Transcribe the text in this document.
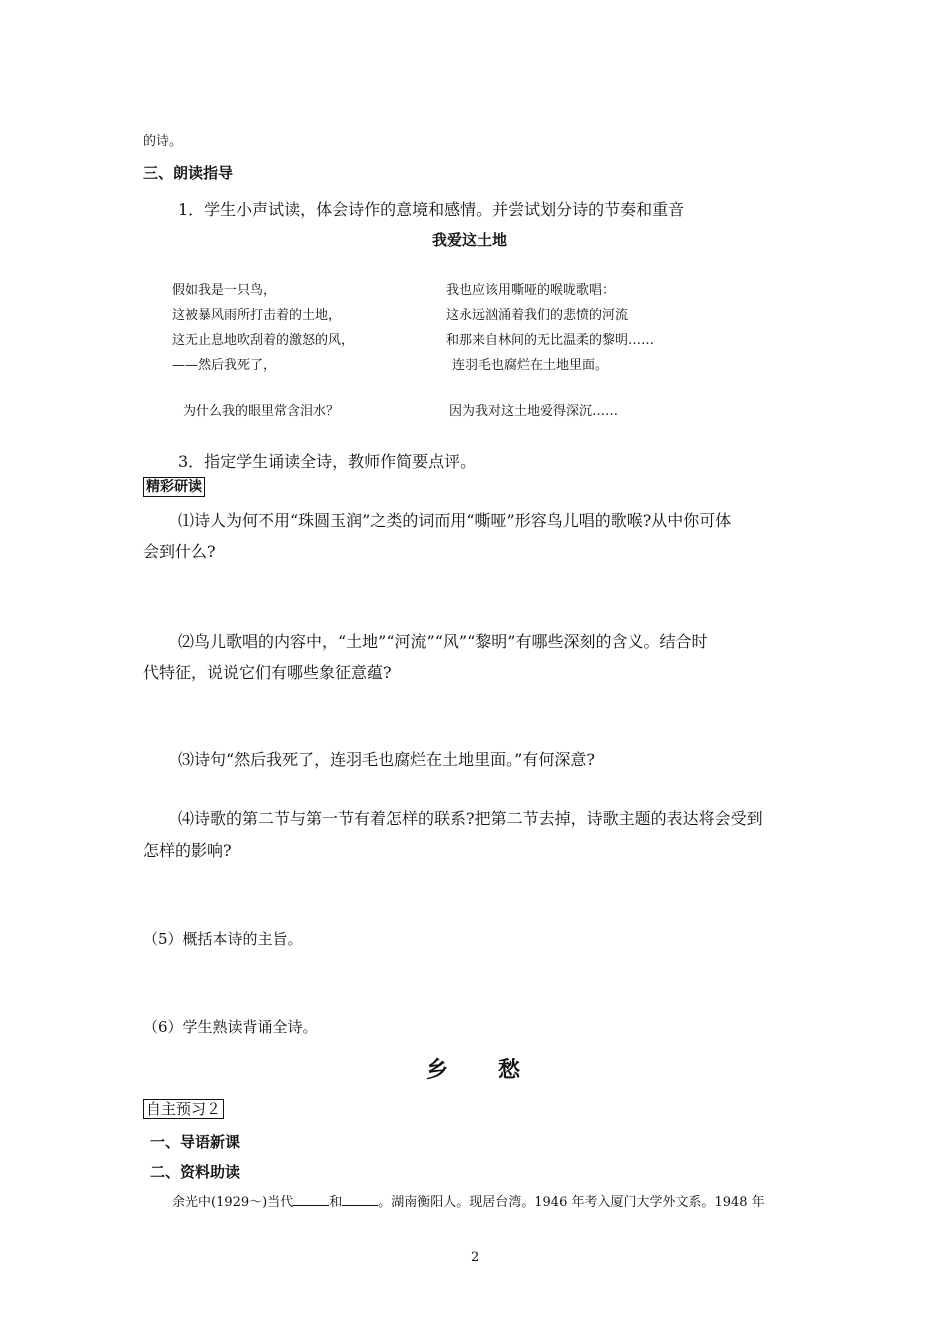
的诗。
三、朗读指导
1．学生小声试读，体会诗作的意境和感情。并尝试划分诗的节奏和重音
我爱这土地
假如我是一只鸟，
这被暴风雨所打击着的土地，
这无止息地吹刮着的激怒的风，
——然后我死了，
我也应该用嘶哑的喉咙歌唱：
这永远汹涌着我们的悲愤的河流
和那来自林间的无比温柔的黎明……
连羽毛也腐烂在土地里面。
为什么我的眼里常含泪水？	因为我对这土地爱得深沉……
3．指定学生诵读全诗，教师作简要点评。
精彩研读
⑴诗人为何不用“珠圆玉润”之类的词而用“嘶哑”形容鸟儿唱的歌喉?从中你可体
会到什么?
⑵鸟儿歌唱的内容中，“土地”“河流”“风”“黎明”有哪些深刻的含义。结合时
代特征，说说它们有哪些象征意蕴?
⑶诗句“然后我死了，连羽毛也腐烂在土地里面。”有何深意?
⑷诗歌的第二节与第一节有着怎样的联系?把第二节去掉，诗歌主题的表达将会受到
怎样的影响?
（5）概括本诗的主旨。
（6）学生熟读背诵全诗。
乡　　愁
自主预习２
一、导语新课
二、资料助读
余光中(1929～)当代	和	。湖南衡阳人。现居台湾。1946 年考入厦门大学外文系。1948 年
2
